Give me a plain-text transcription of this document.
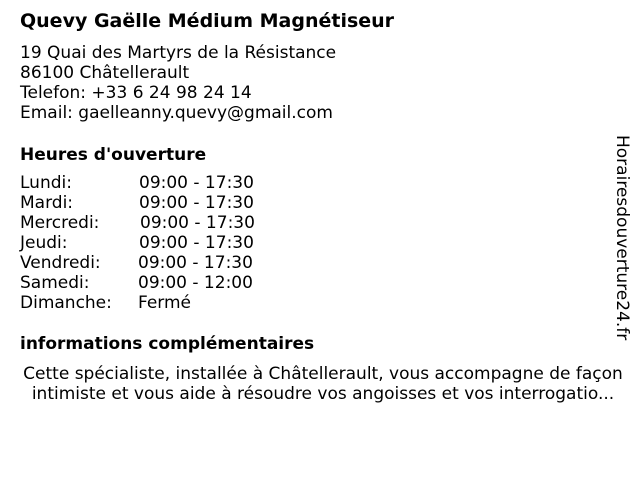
Quevy Gaëlle Médium Magnétiseur
19 Quai des Martyrs de la Résistance
86100 Châtellerault
Telefon: +33 6 24 98 24 14
Email: gaelleanny.quevy@gmail.com
Heures d'ouverture
Lundi:	09:00 - 17:30
Mardi:	09:00 - 17:30
Mercredi: 09:00 - 17:30
Jeudi:	09:00 - 17:30
Vendredi: 09:00 - 17:30
Samedi:	09:00 - 12:00
Dimanche: Fermé
informations complémentaires
Cette spécialiste, installée à Châtellerault, vous accompagne de façon
intimiste et vous aide à résoudre vos angoisses et vos interrogatio...
Horairesdouverture24.fr
